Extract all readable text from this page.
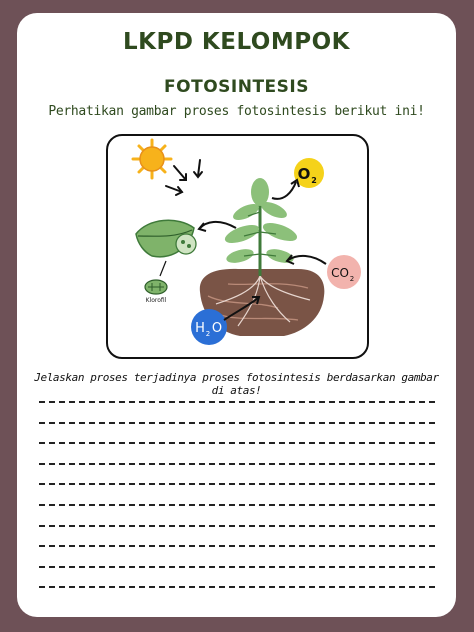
LKPD KELOMPOK
FOTOSINTESIS
Perhatikan gambar proses fotosintesis berikut ini!
Klorofil
O 2
CO 2
H 2 O
Jelaskan proses terjadinya proses fotosintesis berdasarkan gambar di atas!
